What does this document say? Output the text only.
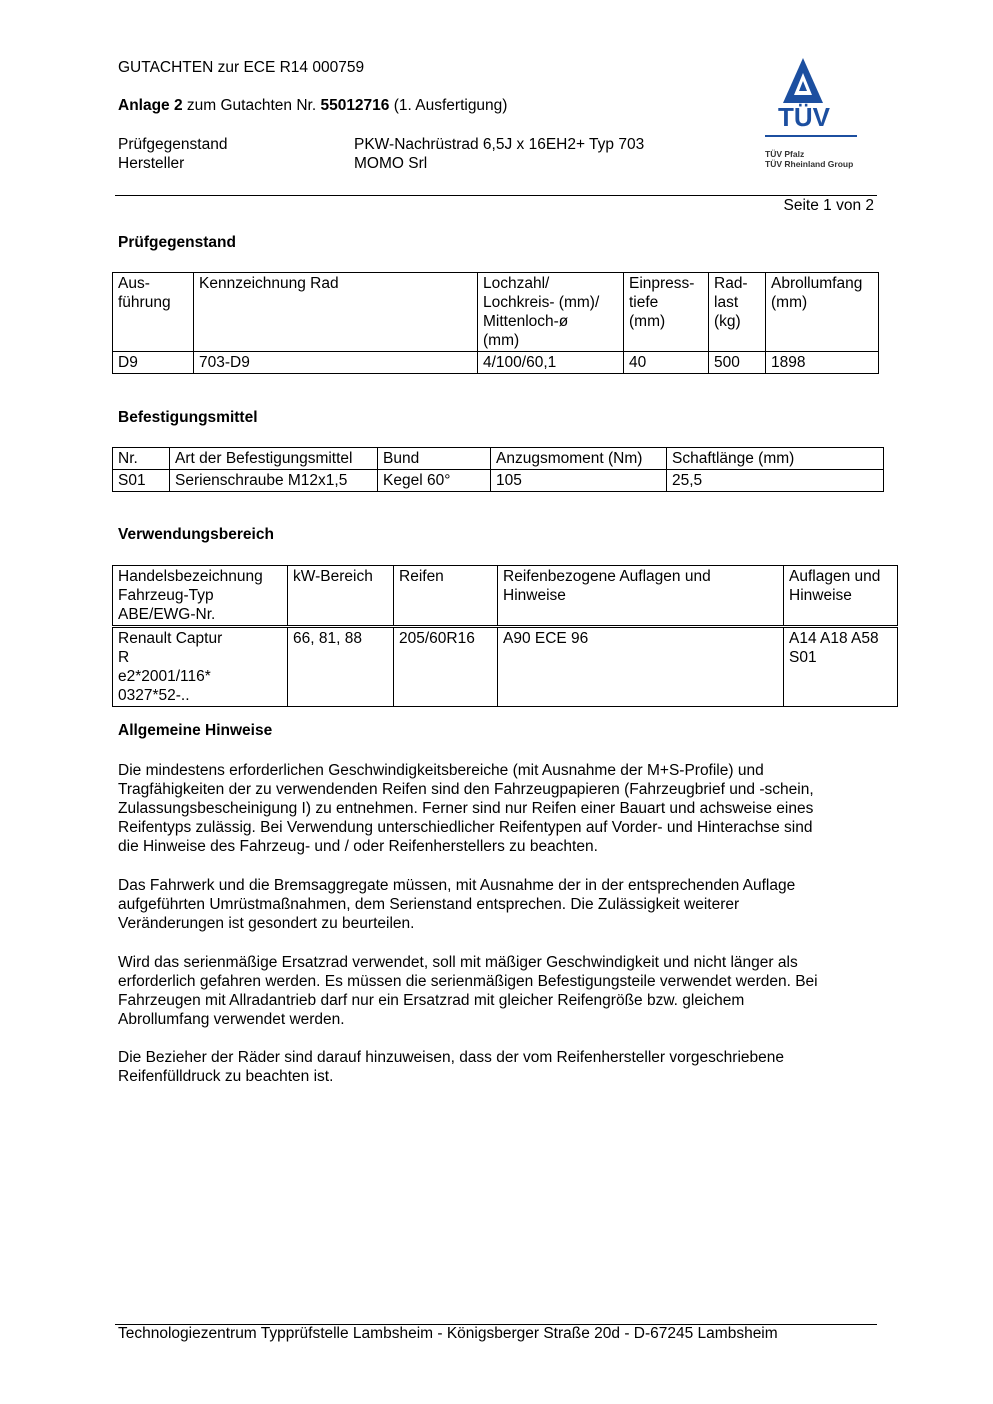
GUTACHTEN zur ECE R14 000759
Anlage 2 zum Gutachten Nr. 55012716 (1. Ausfertigung)
Prüfgegenstand	PKW-Nachrüstrad 6,5J x 16EH2+ Typ 703
Hersteller	MOMO Srl
TÜV
TÜV Pfalz
TÜV Rheinland Group
Seite 1 von 2
Prüfgegenstand
Aus-
führung	Kennzeichnung Rad	Lochzahl/
Lochkreis- (mm)/
Mittenloch-ø
(mm)	Einpress-
tiefe
(mm)	Rad-
last
(kg)	Abrollumfang
(mm)
D9	703-D9	4/100/60,1	40	500	1898
Befestigungsmittel
Nr.	Art der Befestigungsmittel	Bund	Anzugsmoment (Nm)	Schaftlänge (mm)
S01	Serienschraube M12x1,5	Kegel 60°	105	25,5
Verwendungsbereich
Handelsbezeichnung
Fahrzeug-Typ
ABE/EWG-Nr.	kW-Bereich	Reifen	Reifenbezogene Auflagen und
Hinweise	Auflagen und
Hinweise
Renault Captur
R
e2*2001/116*
0327*52-..	66, 81, 88	205/60R16	A90 ECE 96	A14 A18 A58
S01
Allgemeine Hinweise
Die mindestens erforderlichen Geschwindigkeitsbereiche (mit Ausnahme der M+S-Profile) und
Tragfähigkeiten der zu verwendenden Reifen sind den Fahrzeugpapieren (Fahrzeugbrief und -schein,
Zulassungsbescheinigung I) zu entnehmen. Ferner sind nur Reifen einer Bauart und achsweise eines
Reifentyps zulässig. Bei Verwendung unterschiedlicher Reifentypen auf Vorder- und Hinterachse sind
die Hinweise des Fahrzeug- und / oder Reifenherstellers zu beachten.
Das Fahrwerk und die Bremsaggregate müssen, mit Ausnahme der in der entsprechenden Auflage
aufgeführten Umrüstmaßnahmen, dem Serienstand entsprechen. Die Zulässigkeit weiterer
Veränderungen ist gesondert zu beurteilen.
Wird das serienmäßige Ersatzrad verwendet, soll mit mäßiger Geschwindigkeit und nicht länger als
erforderlich gefahren werden. Es müssen die serienmäßigen Befestigungsteile verwendet werden. Bei
Fahrzeugen mit Allradantrieb darf nur ein Ersatzrad mit gleicher Reifengröße bzw. gleichem
Abrollumfang verwendet werden.
Die Bezieher der Räder sind darauf hinzuweisen, dass der vom Reifenhersteller vorgeschriebene
Reifenfülldruck zu beachten ist.
Technologiezentrum Typprüfstelle Lambsheim - Königsberger Straße 20d - D-67245 Lambsheim
